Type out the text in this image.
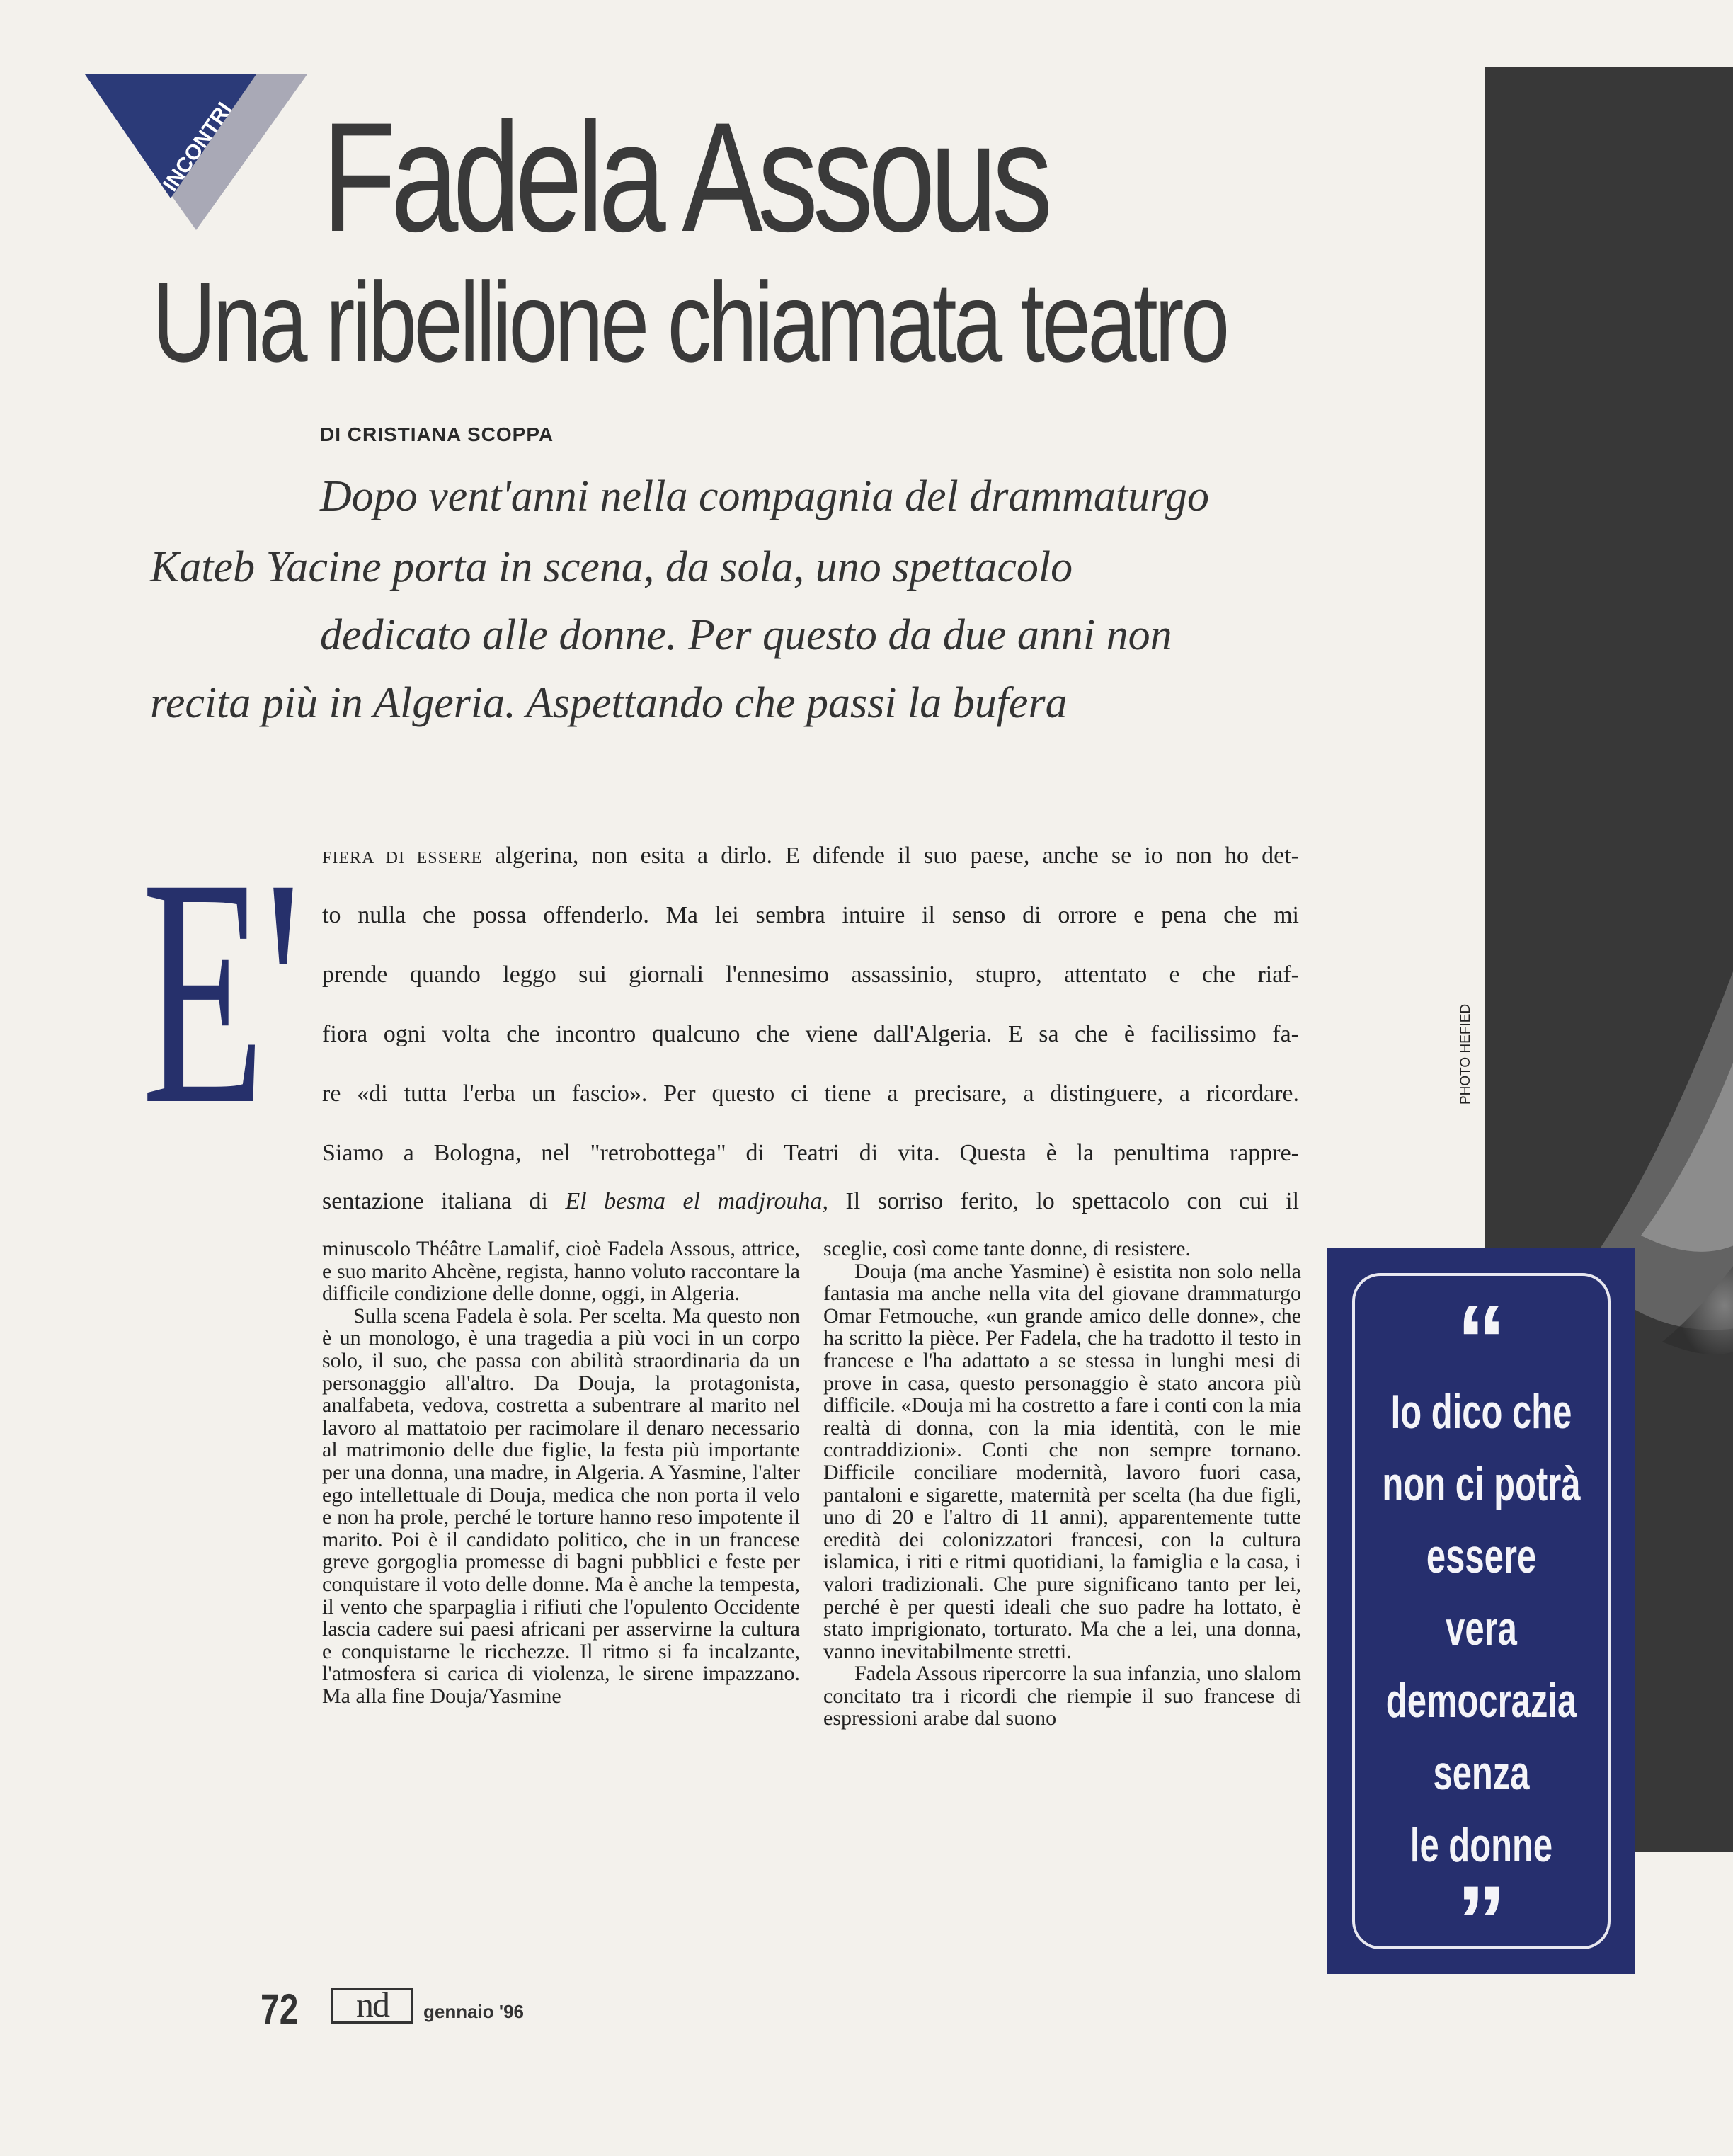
INCONTRI Fadela Assous
Una ribellione chiamata teatro
DI CRISTIANA SCOPPA
Dopo vent'anni nella compagnia del drammaturgo
Kateb Yacine porta in scena, da sola, uno spettacolo
dedicato alle donne. Per questo da due anni non
recita più in Algeria. Aspettando che passi la bufera
E' FIERA DI ESSERE algerina, non esita a dirlo. E difende il suo paese, anche se io non ho det-
to nulla che possa offenderlo. Ma lei sembra intuire il senso di orrore e pena che mi
prende quando leggo sui giornali l'ennesimo assassinio, stupro, attentato e che riaf-
fiora ogni volta che incontro qualcuno che viene dall'Algeria. E sa che è facilissimo fa-
re «di tutta l'erba un fascio». Per questo ci tiene a precisare, a distinguere, a ricordare.
Siamo a Bologna, nel "retrobottega" di Teatri di vita. Questa è la penultima rappre-
sentazione italiana di El besma el madjrouha, Il sorriso ferito, lo spettacolo con cui il

minuscolo Théâtre Lamalif, cioè Fadela Assous, attrice, e suo marito Ahcène, regista, hanno voluto raccontare la difficile condizione delle donne, oggi, in Algeria.

Sulla scena Fadela è sola. Per scelta. Ma questo non è un monologo, è una tragedia a più voci in un corpo solo, il suo, che passa con abilità straordinaria da un personaggio all'altro. Da Douja, la protagonista, analfabeta, vedova, costretta a subentrare al marito nel lavoro al mattatoio per racimolare il denaro necessario al matrimonio delle due figlie, la festa più importante per una donna, una madre, in Algeria. A Yasmine, l'alter ego intellettuale di Douja, medica che non porta il velo e non ha prole, perché le torture hanno reso impotente il marito. Poi è il candidato politico, che in un francese greve gorgoglia promesse di bagni pubblici e feste per conquistare il voto delle donne. Ma è anche la tempesta, il vento che sparpaglia i rifiuti che l'opulento Occidente lascia cadere sui paesi africani per asservirne la cultura e conquistarne le ricchezze. Il ritmo si fa incalzante, l'atmosfera si carica di violenza, le sirene impazzano. Ma alla fine Douja/Yasmine

sceglie, così come tante donne, di resistere.

Douja (ma anche Yasmine) è esistita non solo nella fantasia ma anche nella vita del giovane drammaturgo Omar Fetmouche, «un grande amico delle donne», che ha scritto la pièce. Per Fadela, che ha tradotto il testo in francese e l'ha adattato a se stessa in lunghi mesi di prove in casa, questo personaggio è stato ancora più difficile. «Douja mi ha costretto a fare i conti con la mia realtà di donna, con la mia identità, con le mie contraddizioni». Conti che non sempre tornano. Difficile conciliare modernità, lavoro fuori casa, pantaloni e sigarette, maternità per scelta (ha due figli, uno di 20 e l'altro di 11 anni), apparentemente tutte eredità dei colonizzatori francesi, con la cultura islamica, i riti e ritmi quotidiani, la famiglia e la casa, i valori tradizionali. Che pure significano tanto per lei, perché è per questi ideali che suo padre ha lottato, è stato imprigionato, torturato. Ma che a lei, una donna, vanno inevitabilmente stretti.

Fadela Assous ripercorre la sua infanzia, uno slalom concitato tra i ricordi che riempie il suo francese di espressioni arabe dal suono

PHOTO HEFIED
“
Io dico che
non ci potrà
essere
vera
democrazia
senza
le donne
”
72	nd	gennaio '96
